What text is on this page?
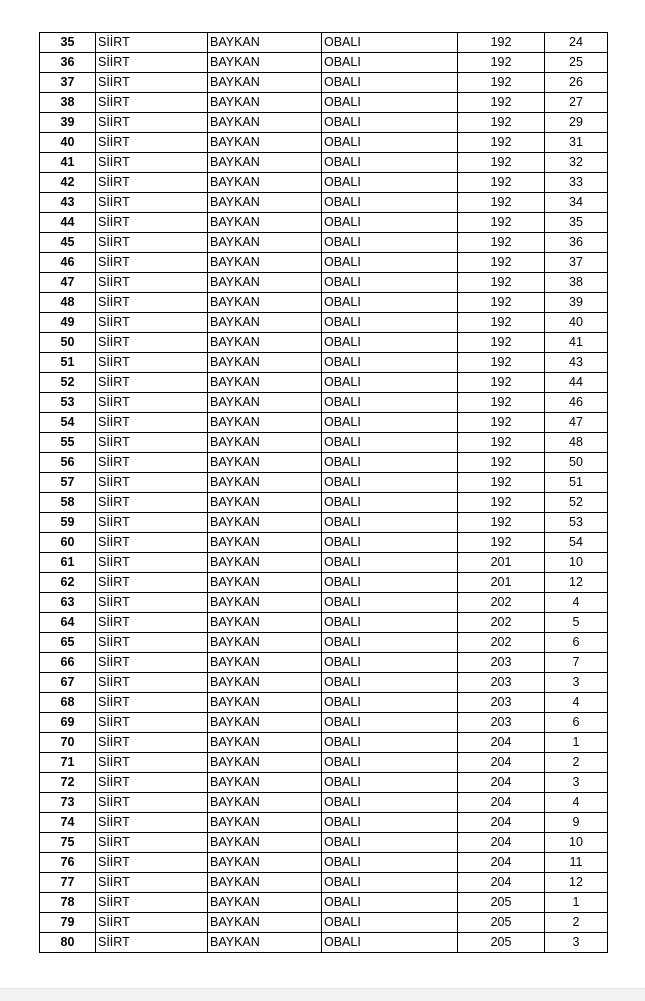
35	SİİRT	BAYKAN	OBALI	192	24
36	SİİRT	BAYKAN	OBALI	192	25
37	SİİRT	BAYKAN	OBALI	192	26
38	SİİRT	BAYKAN	OBALI	192	27
39	SİİRT	BAYKAN	OBALI	192	29
40	SİİRT	BAYKAN	OBALI	192	31
41	SİİRT	BAYKAN	OBALI	192	32
42	SİİRT	BAYKAN	OBALI	192	33
43	SİİRT	BAYKAN	OBALI	192	34
44	SİİRT	BAYKAN	OBALI	192	35
45	SİİRT	BAYKAN	OBALI	192	36
46	SİİRT	BAYKAN	OBALI	192	37
47	SİİRT	BAYKAN	OBALI	192	38
48	SİİRT	BAYKAN	OBALI	192	39
49	SİİRT	BAYKAN	OBALI	192	40
50	SİİRT	BAYKAN	OBALI	192	41
51	SİİRT	BAYKAN	OBALI	192	43
52	SİİRT	BAYKAN	OBALI	192	44
53	SİİRT	BAYKAN	OBALI	192	46
54	SİİRT	BAYKAN	OBALI	192	47
55	SİİRT	BAYKAN	OBALI	192	48
56	SİİRT	BAYKAN	OBALI	192	50
57	SİİRT	BAYKAN	OBALI	192	51
58	SİİRT	BAYKAN	OBALI	192	52
59	SİİRT	BAYKAN	OBALI	192	53
60	SİİRT	BAYKAN	OBALI	192	54
61	SİİRT	BAYKAN	OBALI	201	10
62	SİİRT	BAYKAN	OBALI	201	12
63	SİİRT	BAYKAN	OBALI	202	4
64	SİİRT	BAYKAN	OBALI	202	5
65	SİİRT	BAYKAN	OBALI	202	6
66	SİİRT	BAYKAN	OBALI	203	7
67	SİİRT	BAYKAN	OBALI	203	3
68	SİİRT	BAYKAN	OBALI	203	4
69	SİİRT	BAYKAN	OBALI	203	6
70	SİİRT	BAYKAN	OBALI	204	1
71	SİİRT	BAYKAN	OBALI	204	2
72	SİİRT	BAYKAN	OBALI	204	3
73	SİİRT	BAYKAN	OBALI	204	4
74	SİİRT	BAYKAN	OBALI	204	9
75	SİİRT	BAYKAN	OBALI	204	10
76	SİİRT	BAYKAN	OBALI	204	11
77	SİİRT	BAYKAN	OBALI	204	12
78	SİİRT	BAYKAN	OBALI	205	1
79	SİİRT	BAYKAN	OBALI	205	2
80	SİİRT	BAYKAN	OBALI	205	3
